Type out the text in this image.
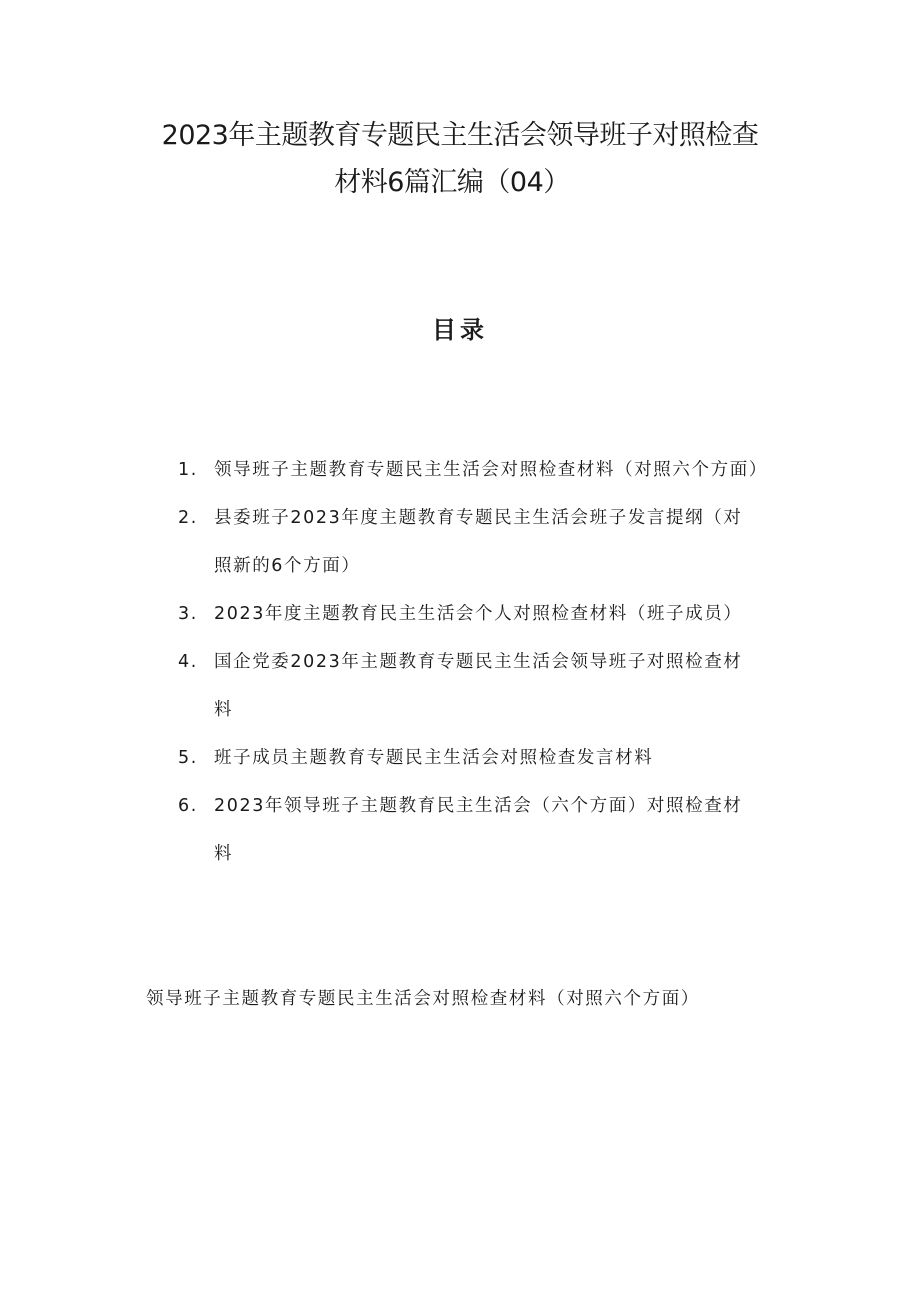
2023年主题教育专题民主生活会领导班子对照检查
材料6篇汇编（04）
目录
1. 领导班子主题教育专题民主生活会对照检查材料（对照六个方面）
2. 县委班子2023年度主题教育专题民主生活会班子发言提纲（对
照新的6个方面）
3. 2023年度主题教育民主生活会个人对照检查材料（班子成员）
4. 国企党委2023年主题教育专题民主生活会领导班子对照检查材
料
5. 班子成员主题教育专题民主生活会对照检查发言材料
6. 2023年领导班子主题教育民主生活会（六个方面）对照检查材
料
领导班子主题教育专题民主生活会对照检查材料（对照六个方面）
